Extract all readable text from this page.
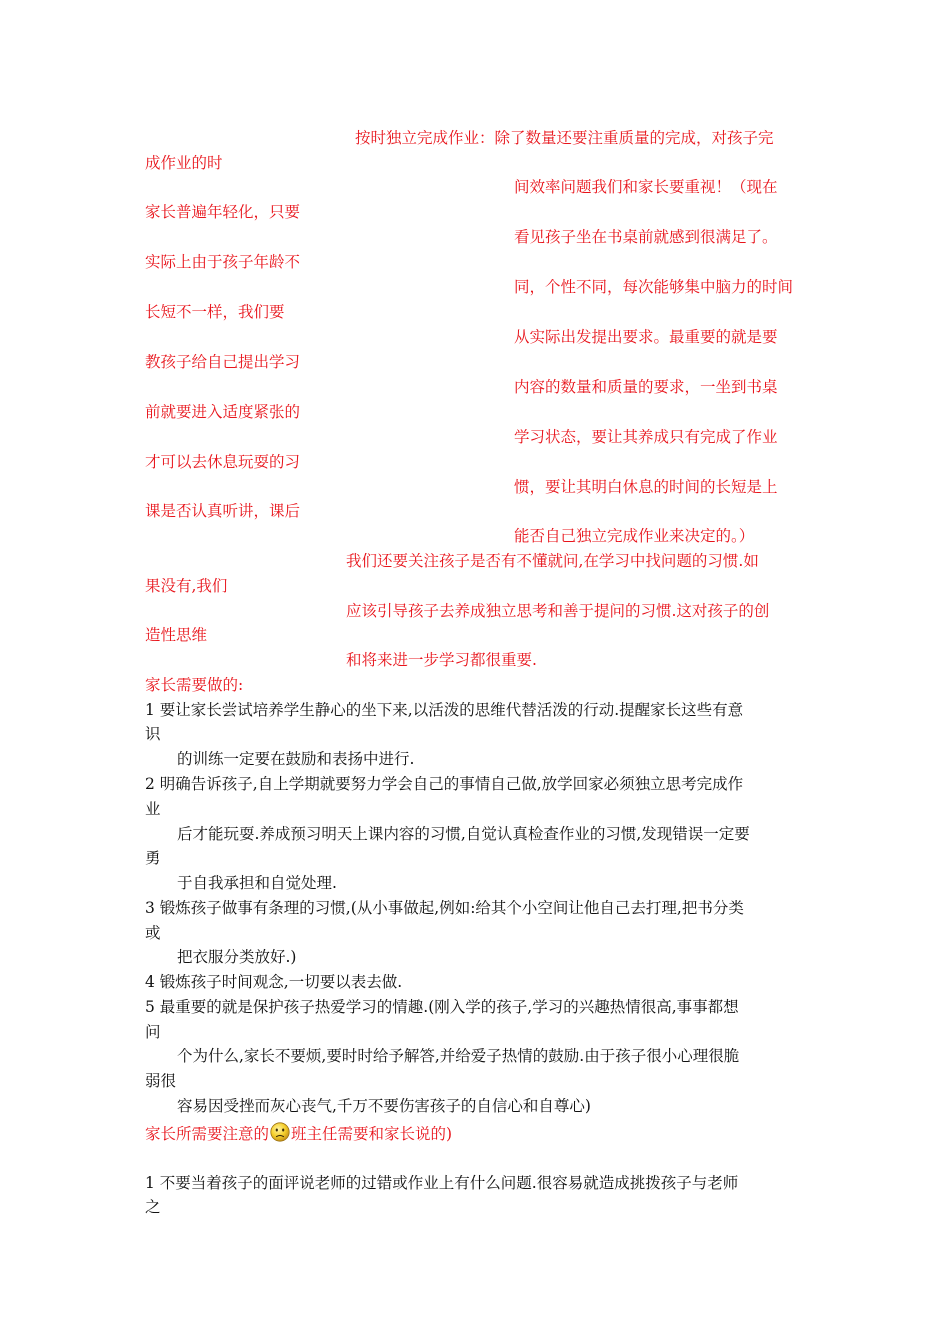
按时独立完成作业：除了数量还要注重质量的完成，对孩子完
成作业的时
间效率问题我们和家长要重视！（现在
家长普遍年轻化，只要
看见孩子坐在书桌前就感到很满足了。
实际上由于孩子年龄不
同，个性不同，每次能够集中脑力的时间
长短不一样，我们要
从实际出发提出要求。最重要的就是要
教孩子给自己提出学习
内容的数量和质量的要求，一坐到书桌
前就要进入适度紧张的
学习状态，要让其养成只有完成了作业
才可以去休息玩耍的习
惯，要让其明白休息的时间的长短是上
课是否认真听讲，课后
能否自己独立完成作业来决定的。）
我们还要关注孩子是否有不懂就问,在学习中找问题的习惯.如
果没有,我们
应该引导孩子去养成独立思考和善于提问的习惯.这对孩子的创
造性思维
和将来进一步学习都很重要.
家长需要做的:
1 要让家长尝试培养学生静心的坐下来,以活泼的思维代替活泼的行动.提醒家长这些有意
识
的训练一定要在鼓励和表扬中进行.
2 明确告诉孩子,自上学期就要努力学会自己的事情自己做,放学回家必须独立思考完成作
业
后才能玩耍.养成预习明天上课内容的习惯,自觉认真检查作业的习惯,发现错误一定要
勇
于自我承担和自觉处理.
3 锻炼孩子做事有条理的习惯,(从小事做起,例如:给其个小空间让他自己去打理,把书分类
或
把衣服分类放好.)
4 锻炼孩子时间观念,一切要以表去做.
5 最重要的就是保护孩子热爱学习的情趣.(刚入学的孩子,学习的兴趣热情很高,事事都想
问
个为什么,家长不要烦,要时时给予解答,并给爱子热情的鼓励.由于孩子很小心理很脆
弱很
容易因受挫而灰心丧气,千万不要伤害孩子的自信心和自尊心)
家长所需要注意的 班主任需要和家长说的)
1 不要当着孩子的面评说老师的过错或作业上有什么问题.很容易就造成挑拨孩子与老师
之
